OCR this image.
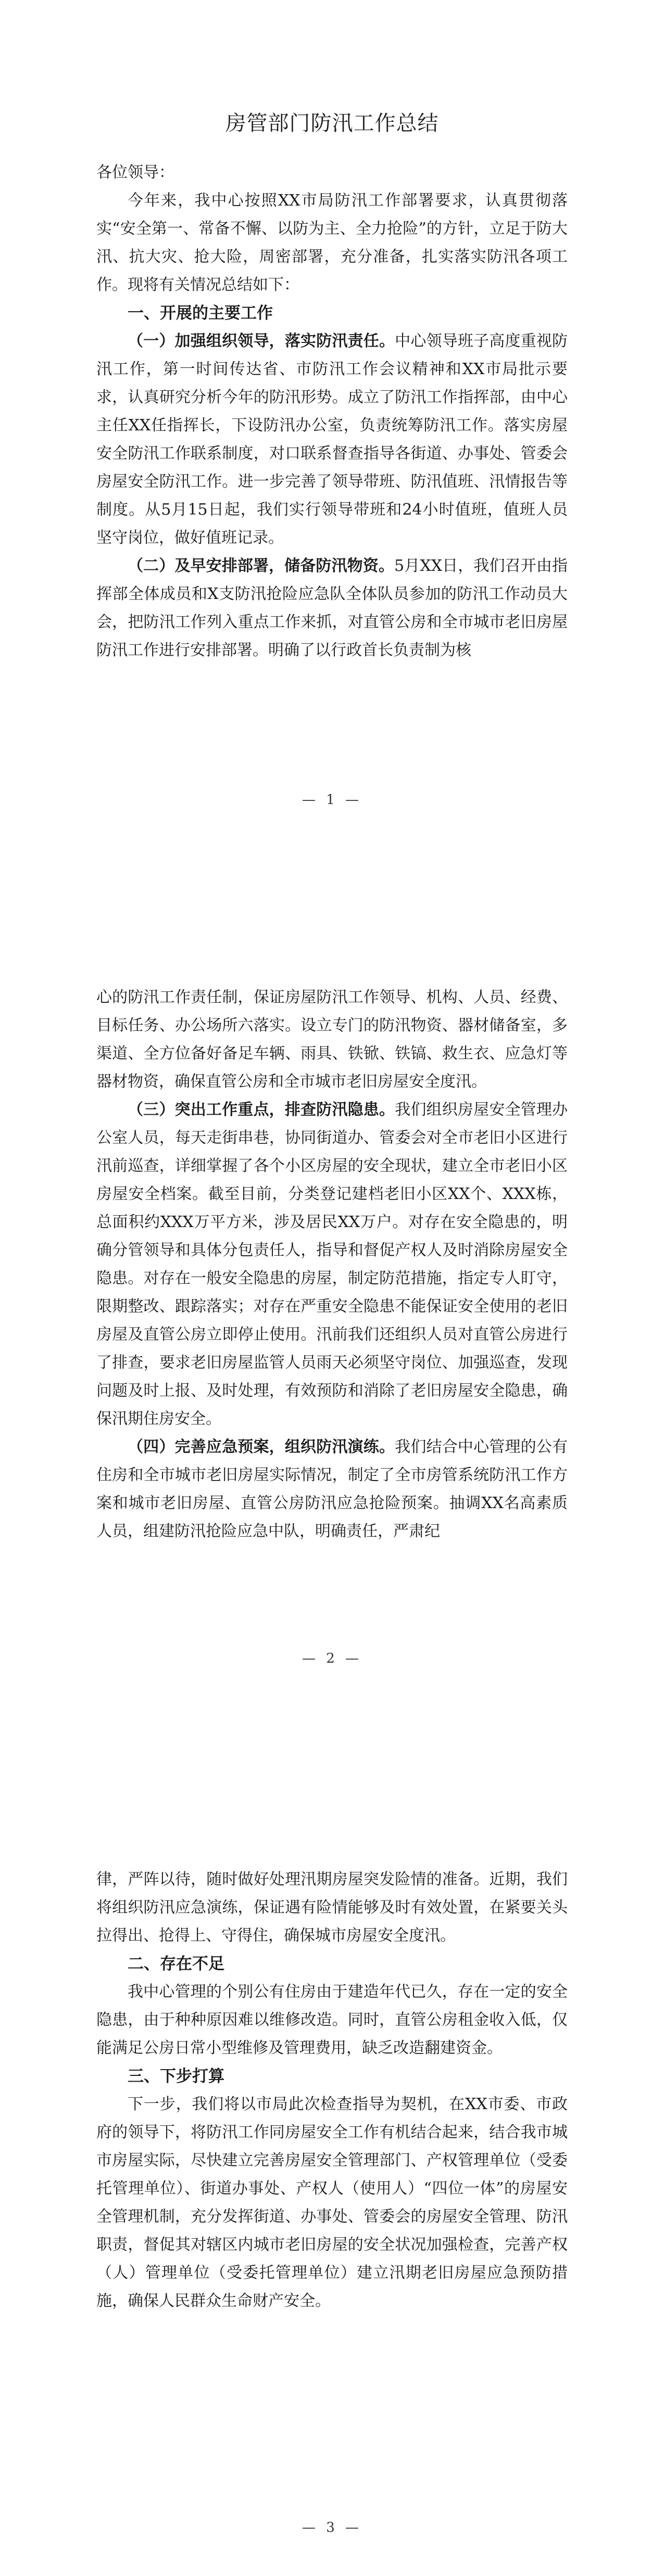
房管部门防汛工作总结

各位领导：

今年来，我中心按照XX市局防汛工作部署要求，认真贯彻落实“安全第一、常备不懈、以防为主、全力抢险”的方针，立足于防大汛、抗大灾、抢大险，周密部署，充分准备，扎实落实防汛各项工作。现将有关情况总结如下：

一、开展的主要工作

（一）加强组织领导，落实防汛责任。中心领导班子高度重视防汛工作，第一时间传达省、市防汛工作会议精神和XX市局批示要求，认真研究分析今年的防汛形势。成立了防汛工作指挥部，由中心主任XX任指挥长，下设防汛办公室，负责统筹防汛工作。落实房屋安全防汛工作联系制度，对口联系督查指导各街道、办事处、管委会房屋安全防汛工作。进一步完善了领导带班、防汛值班、汛情报告等制度。从5月15日起，我们实行领导带班和24小时值班，值班人员坚守岗位，做好值班记录。

（二）及早安排部署，储备防汛物资。5月XX日，我们召开由指挥部全体成员和X支防汛抢险应急队全体队员参加的防汛工作动员大会，把防汛工作列入重点工作来抓，对直管公房和全市城市老旧房屋防汛工作进行安排部署。明确了以行政首长负责制为核

— 1 —

心的防汛工作责任制，保证房屋防汛工作领导、机构、人员、经费、目标任务、办公场所六落实。设立专门的防汛物资、器材储备室，多渠道、全方位备好备足车辆、雨具、铁锨、铁镐、救生衣、应急灯等器材物资，确保直管公房和全市城市老旧房屋安全度汛。

（三）突出工作重点，排查防汛隐患。我们组织房屋安全管理办公室人员，每天走街串巷，协同街道办、管委会对全市老旧小区进行汛前巡查，详细掌握了各个小区房屋的安全现状，建立全市老旧小区房屋安全档案。截至目前，分类登记建档老旧小区XX个、XXX栋，总面积约XXX万平方米，涉及居民XX万户。对存在安全隐患的，明确分管领导和具体分包责任人，指导和督促产权人及时消除房屋安全隐患。对存在一般安全隐患的房屋，制定防范措施，指定专人盯守，限期整改、跟踪落实；对存在严重安全隐患不能保证安全使用的老旧房屋及直管公房立即停止使用。汛前我们还组织人员对直管公房进行了排查，要求老旧房屋监管人员雨天必须坚守岗位、加强巡查，发现问题及时上报、及时处理，有效预防和消除了老旧房屋安全隐患，确保汛期住房安全。

（四）完善应急预案，组织防汛演练。我们结合中心管理的公有住房和全市城市老旧房屋实际情况，制定了全市房管系统防汛工作方案和城市老旧房屋、直管公房防汛应急抢险预案。抽调XX名高素质人员，组建防汛抢险应急中队，明确责任，严肃纪

— 2 —

律，严阵以待，随时做好处理汛期房屋突发险情的准备。近期，我们将组织防汛应急演练，保证遇有险情能够及时有效处置，在紧要关头拉得出、抢得上、守得住，确保城市房屋安全度汛。

二、存在不足

我中心管理的个别公有住房由于建造年代已久，存在一定的安全隐患，由于种种原因难以维修改造。同时，直管公房租金收入低，仅能满足公房日常小型维修及管理费用，缺乏改造翻建资金。

三、下步打算

下一步，我们将以市局此次检查指导为契机，在XX市委、市政府的领导下，将防汛工作同房屋安全工作有机结合起来，结合我市城市房屋实际，尽快建立完善房屋安全管理部门、产权管理单位（受委托管理单位）、街道办事处、产权人（使用人）“四位一体”的房屋安全管理机制，充分发挥街道、办事处、管委会的房屋安全管理、防汛职责，督促其对辖区内城市老旧房屋的安全状况加强检查，完善产权（人）管理单位（受委托管理单位）建立汛期老旧房屋应急预防措施，确保人民群众生命财产安全。

— 3 —
